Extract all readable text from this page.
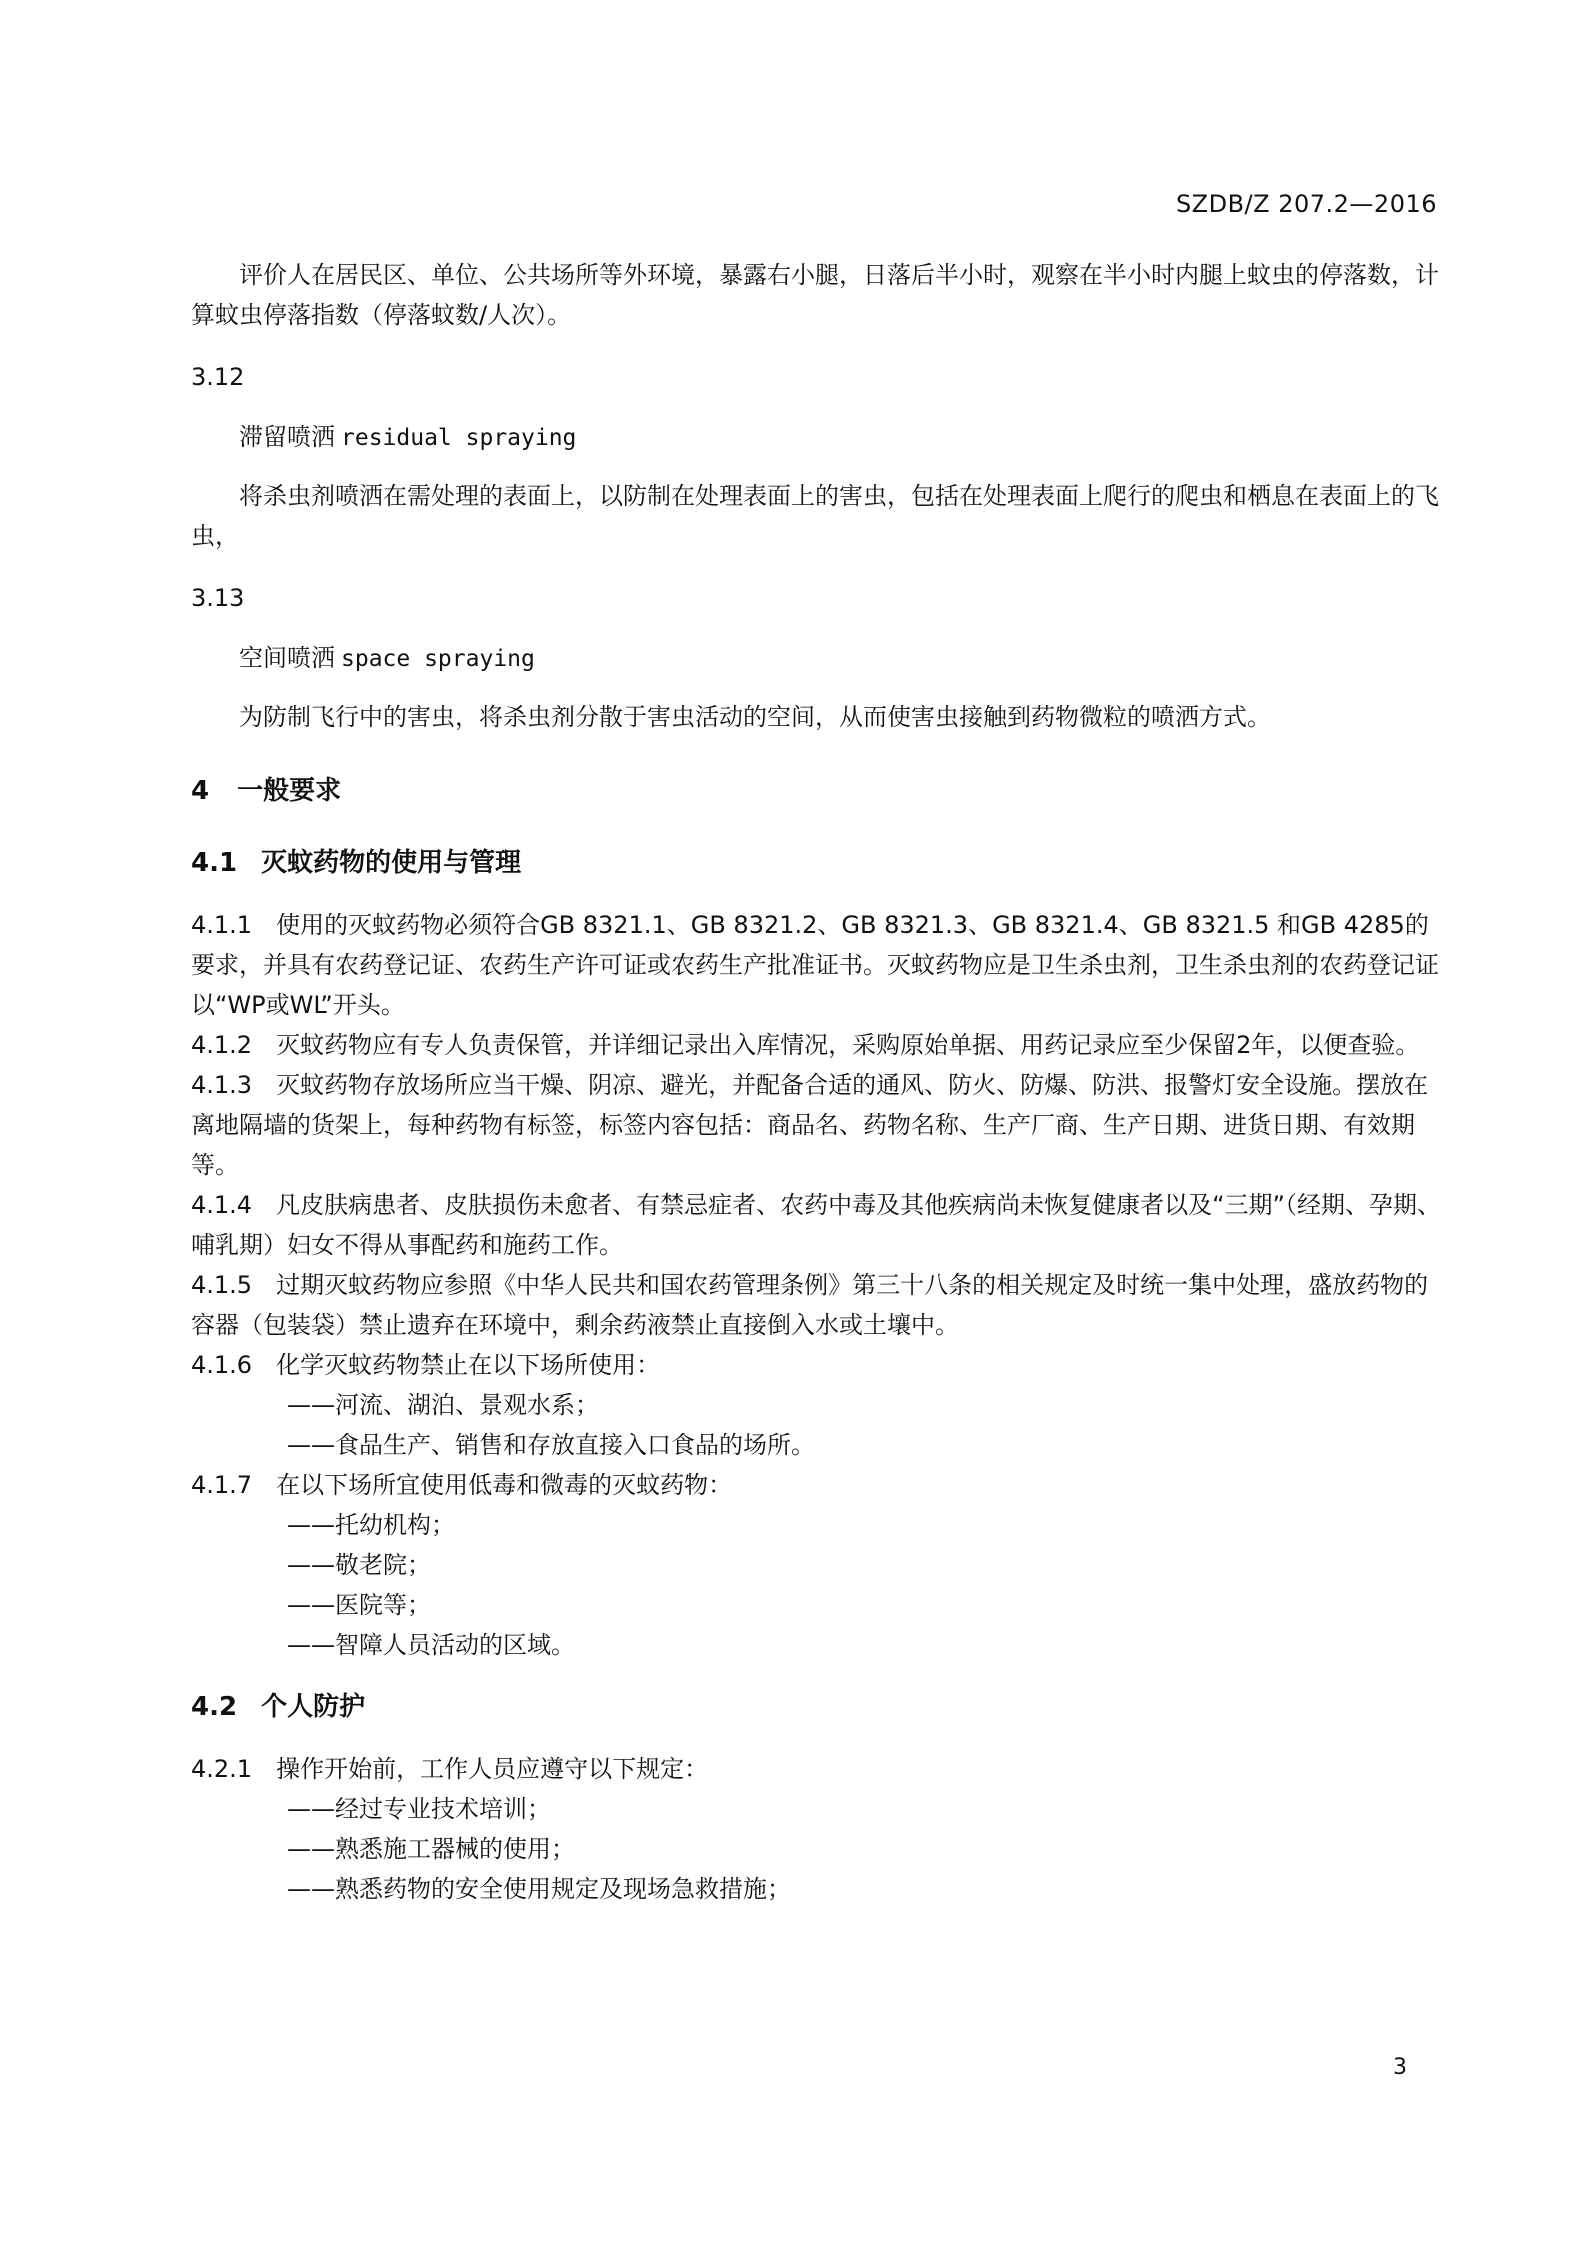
SZDB/Z 207.2—2016

评价人在居民区、单位、公共场所等外环境，暴露右小腿，日落后半小时，观察在半小时内腿上蚊虫的停落数，计算蚊虫停落指数（停落蚊数/人次）。

3.12
滞留喷洒 residual spraying

将杀虫剂喷洒在需处理的表面上，以防制在处理表面上的害虫，包括在处理表面上爬行的爬虫和栖息在表面上的飞虫，

3.13
空间喷洒 space spraying

为防制飞行中的害虫，将杀虫剂分散于害虫活动的空间，从而使害虫接触到药物微粒的喷洒方式。

4 一般要求
4.1 灭蚊药物的使用与管理
4.1.1 使用的灭蚊药物必须符合GB 8321.1、GB 8321.2、GB 8321.3、GB 8321.4、GB 8321.5 和GB 4285的要求，并具有农药登记证、农药生产许可证或农药生产批准证书。灭蚊药物应是卫生杀虫剂，卫生杀虫剂的农药登记证以“WP或WL”开头。
4.1.2 灭蚊药物应有专人负责保管，并详细记录出入库情况，采购原始单据、用药记录应至少保留2年，以便查验。
4.1.3 灭蚊药物存放场所应当干燥、阴凉、避光，并配备合适的通风、防火、防爆、防洪、报警灯安全设施。摆放在离地隔墙的货架上，每种药物有标签，标签内容包括：商品名、药物名称、生产厂商、生产日期、进货日期、有效期等。
4.1.4 凡皮肤病患者、皮肤损伤未愈者、有禁忌症者、农药中毒及其他疾病尚未恢复健康者以及“三期”（经期、孕期、哺乳期）妇女不得从事配药和施药工作。
4.1.5 过期灭蚊药物应参照《中华人民共和国农药管理条例》第三十八条的相关规定及时统一集中处理，盛放药物的容器（包装袋）禁止遗弃在环境中，剩余药液禁止直接倒入水或土壤中。
4.1.6 化学灭蚊药物禁止在以下场所使用：
——河流、湖泊、景观水系；
——食品生产、销售和存放直接入口食品的场所。
4.1.7 在以下场所宜使用低毒和微毒的灭蚊药物：
——托幼机构；
——敬老院；
——医院等；
——智障人员活动的区域。
4.2 个人防护
4.2.1 操作开始前，工作人员应遵守以下规定：
——经过专业技术培训；
——熟悉施工器械的使用；
——熟悉药物的安全使用规定及现场急救措施；
3
